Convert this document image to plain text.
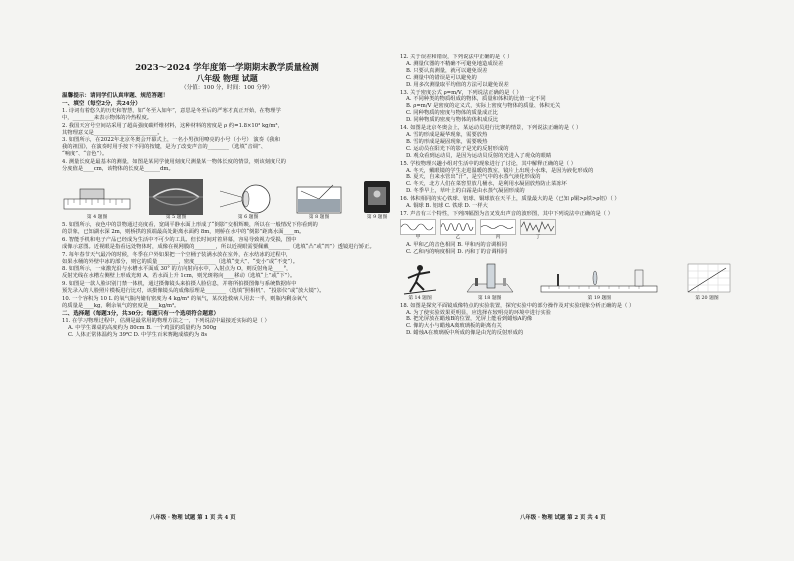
2023～2024 学年度第一学期期末教学质量检测
八年级 物理 试题
（分值：100 分，时间：100 分钟）
温馨提示：请同学们认真审题、规范答题！
一、填空（每空2分，共24分）

1. 诗词有着悠久的历史和智慧，如“冬至入如年”，意思是冬至后的严寒才真正开始，在物理学

中，________来表示物体的冷热程度。

2. 我国天宫号空间站采用了超高强度碳纤维材料，这种材料的密度是 ρ 约=1.8×10³ kg/m³，

其物理意义是________________________。

3. 如图所示，在2022年北京冬奥会开幕式上，一名小男孩用嘹亮的小号（小号） 演奏《我和

我的祖国》，在演奏时用手按下不同的按键，是为了改变声音的________（选填“音调”、

“响度”、“音色”）。

4. 测量长度是最基本的测量，如图是某同学使用刻度尺测量某一物体长度的情景，则该刻度尺的

分度值是____cm，该物体的长度是______dm。

第 4 题图	第 5 题图	第 6 题图	第 8 题图	第 9 题图

5. 如图所示，夜色中的景物通过亮度看，宽阔平静水面上形成了“倒影”交相辉映，所以在一般情况下你看到的

的景象，已知湖水深 2m，则桥拱的顶端最高处距离水面约 8m，则桥在水中的“倒影”距离水面____m。

6. 智能手机和电子产品已经成为生活中不可少的工具。但长时间对着屏幕，容易导致视力受损，图中

成像示意图。近视眼是指看远处物体时，成像在视网膜的________，所以近视眼需要佩戴________（选填“凸”或“凹”）透镜进行矫正。

7. 每年春节天气最冷的时候，冬季在户外如果把一个空桶子装满水放在室外，在水结冰的过程中，

如果水桶的外壁中冰的部分，则它的质量________，密度________（选填“变大”、“变小”或“不变”）。

8. 如图所示，一束激光沿与水槽水平面成 30° 的方向射向水中，入射点为 O，则反射角是____°，

反射光线在水槽左侧壁上形成光斑 A，若水面上升 1cm，则光斑将向____移动（选填“上”或“下”）。

9. 如图是一款人脸识别门禁一体机，通过摄像镜头来拍摄人脸信息，并将所拍摄图像与系统数据库中

预先录入的人脸照片模板进行比对，该摄像镜头的成像原理是________（选填“照相机”、“投影仪”或“放大镜”）。

10. 一个容积为 10 L 的氧气瓶内储有密度为 4 kg/m³ 的氧气，某次抢救病人用去一半，则瓶内剩余氧气

的质量是____kg，剩余氧气的密度是____kg/m³。

二、选择题（每题3分，共30分；每题只有一个选项符合题意）

11. 在学习物理过程中，估测是最常用的物理方法之一，下列说法中最接近实际的是（ ）

A. 中学生课桌的高度约为 80cm B. 一个鸡蛋的质量约为 500g

C. 人体正常体温约为 39℃ D. 中学生百米赛跑成绩约为 8s

12. 关于误差和错误，下列说法中正确的是（ ）

A. 测量仪器的不精确不可避免地造成误差

B. 只要认真测量，就可以避免误差

C. 测量中的错误是可以避免的

D. 用多次测量取平均值的方法可以避免误差

13. 关于密度公式 ρ=m/V，下列说法正确的是（ ）

A. 不同种类的物质组成的物体，质量和体积的比值一定不同

B. ρ=m/V 是密度的定义式，实际上密度与物体的质量、体积无关

C. 同种物质的密度与物体的质量成正比

D. 同种物质的密度与物体的体积成反比

14. 如图是北京冬奥会上，某运动员进行比赛的情景，下列说法正确的是（ ）

A. 雪的形成是凝华现象，需要放热

B. 雪的形成是凝固现象，需要吸热

C. 运动员在阳光下的影子是光的反射形成的

D. 观众看到运动员，是因为运动员反射的光进入了观众的眼睛

15. 学校物理兴趣小组对生活中的现象进行了讨论，其中解释正确的是（ ）

A. 冬天，戴眼镜的学生走进温暖的教室，镜片上出现小水珠，是因为液化形成的

B. 夏天，自来水管出“汗”，是空气中的水蒸气液化形成的

C. 冬天，北方人们在菜窖里放几桶水，是利用水凝固放热防止菜冻坏

D. 冬季早上，草叶上的白霜是由水蒸气凝固形成的

16. 体积相同的实心铁球、铝球、铜球放在天平上，质量最大的是（已知 ρ铜>ρ铁>ρ铝）（ ）

A. 铜球 B. 铝球 C. 铁球 D. 一样大

17. 声音有三个特性，下列四幅图为音叉发出声音的波形图，其中下列说法中正确的是（ ）

甲	乙	丙	丁

A. 甲和乙的音色相同 B. 甲和丙的音调相同

C. 乙和丙的响度相同 D. 丙和丁的音调相同

第 14 题图	第 18 题图	第 19 题图	第 20 题图

18. 如图是探究平面镜成像特点的实验装置，探究实验中的部分操作及对实验现象分析正确的是（ ）

A. 为了使实验效果更明显，应选择在较明亮的环境中进行实验

B. 把光屏放在蜡烛B的位置，光屏上能看到蜡烛A的像

C. 像的大小与蜡烛A离玻璃板的距离有关

D. 蜡烛A在玻璃板中所成的像是由光的反射形成的

八年级 · 物理 试题 第 1 页 共 4 页	八年级 · 物理 试题 第 2 页 共 4 页
